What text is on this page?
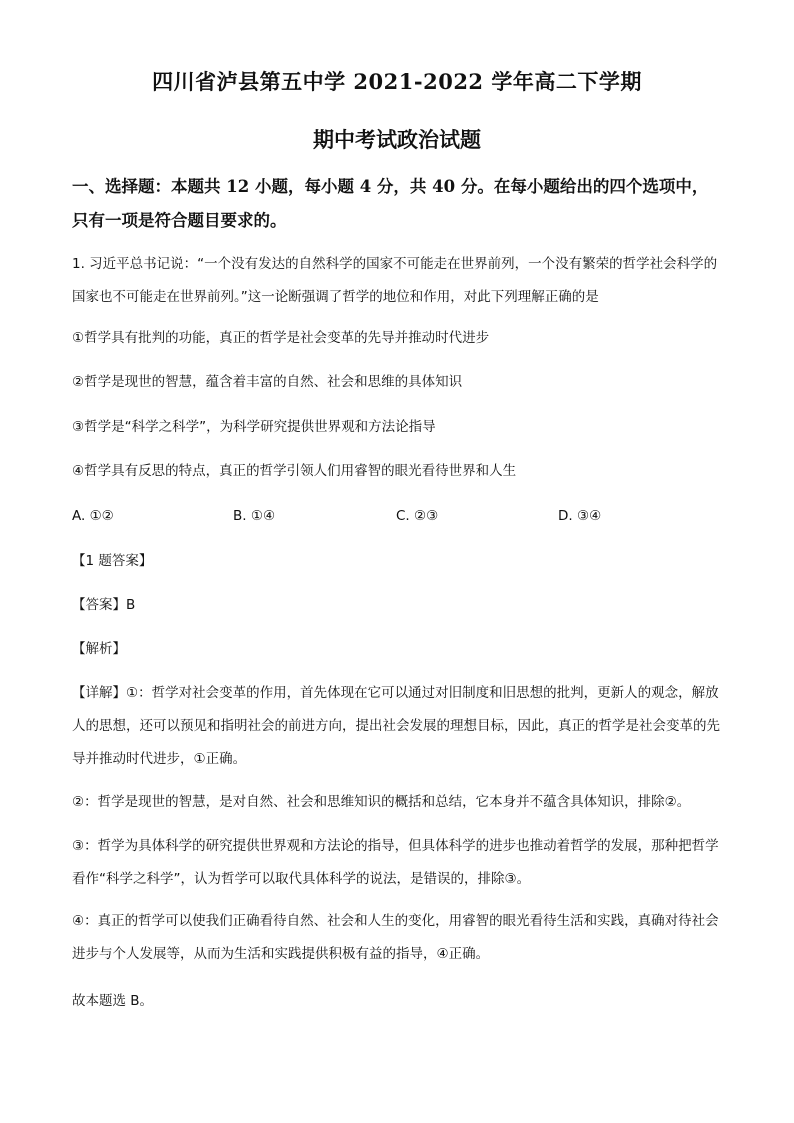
四川省泸县第五中学 2021-2022 学年高二下学期
期中考试政治试题
一、选择题：本题共 12 小题，每小题 4 分，共 40 分。在每小题给出的四个选项中，只有一项是符合题目要求的。
1. 习近平总书记说：“一个没有发达的自然科学的国家不可能走在世界前列，一个没有繁荣的哲学社会科学的国家也不可能走在世界前列。”这一论断强调了哲学的地位和作用，对此下列理解正确的是
①哲学具有批判的功能，真正的哲学是社会变革的先导并推动时代进步
②哲学是现世的智慧，蕴含着丰富的自然、社会和思维的具体知识
③哲学是“科学之科学”，为科学研究提供世界观和方法论指导
④哲学具有反思的特点，真正的哲学引领人们用睿智的眼光看待世界和人生
A. ①②	B. ①④	C. ②③	D. ③④
【1 题答案】
【答案】B
【解析】
【详解】①：哲学对社会变革的作用，首先体现在它可以通过对旧制度和旧思想的批判，更新人的观念，解放人的思想，还可以预见和指明社会的前进方向，提出社会发展的理想目标，因此，真正的哲学是社会变革的先导并推动时代进步，①正确。
②：哲学是现世的智慧，是对自然、社会和思维知识的概括和总结，它本身并不蕴含具体知识，排除②。
③：哲学为具体科学的研究提供世界观和方法论的指导，但具体科学的进步也推动着哲学的发展，那种把哲学看作“科学之科学”，认为哲学可以取代具体科学的说法，是错误的，排除③。
④：真正的哲学可以使我们正确看待自然、社会和人生的变化，用睿智的眼光看待生活和实践，真确对待社会进步与个人发展等，从而为生活和实践提供积极有益的指导，④正确。
故本题选 B。
